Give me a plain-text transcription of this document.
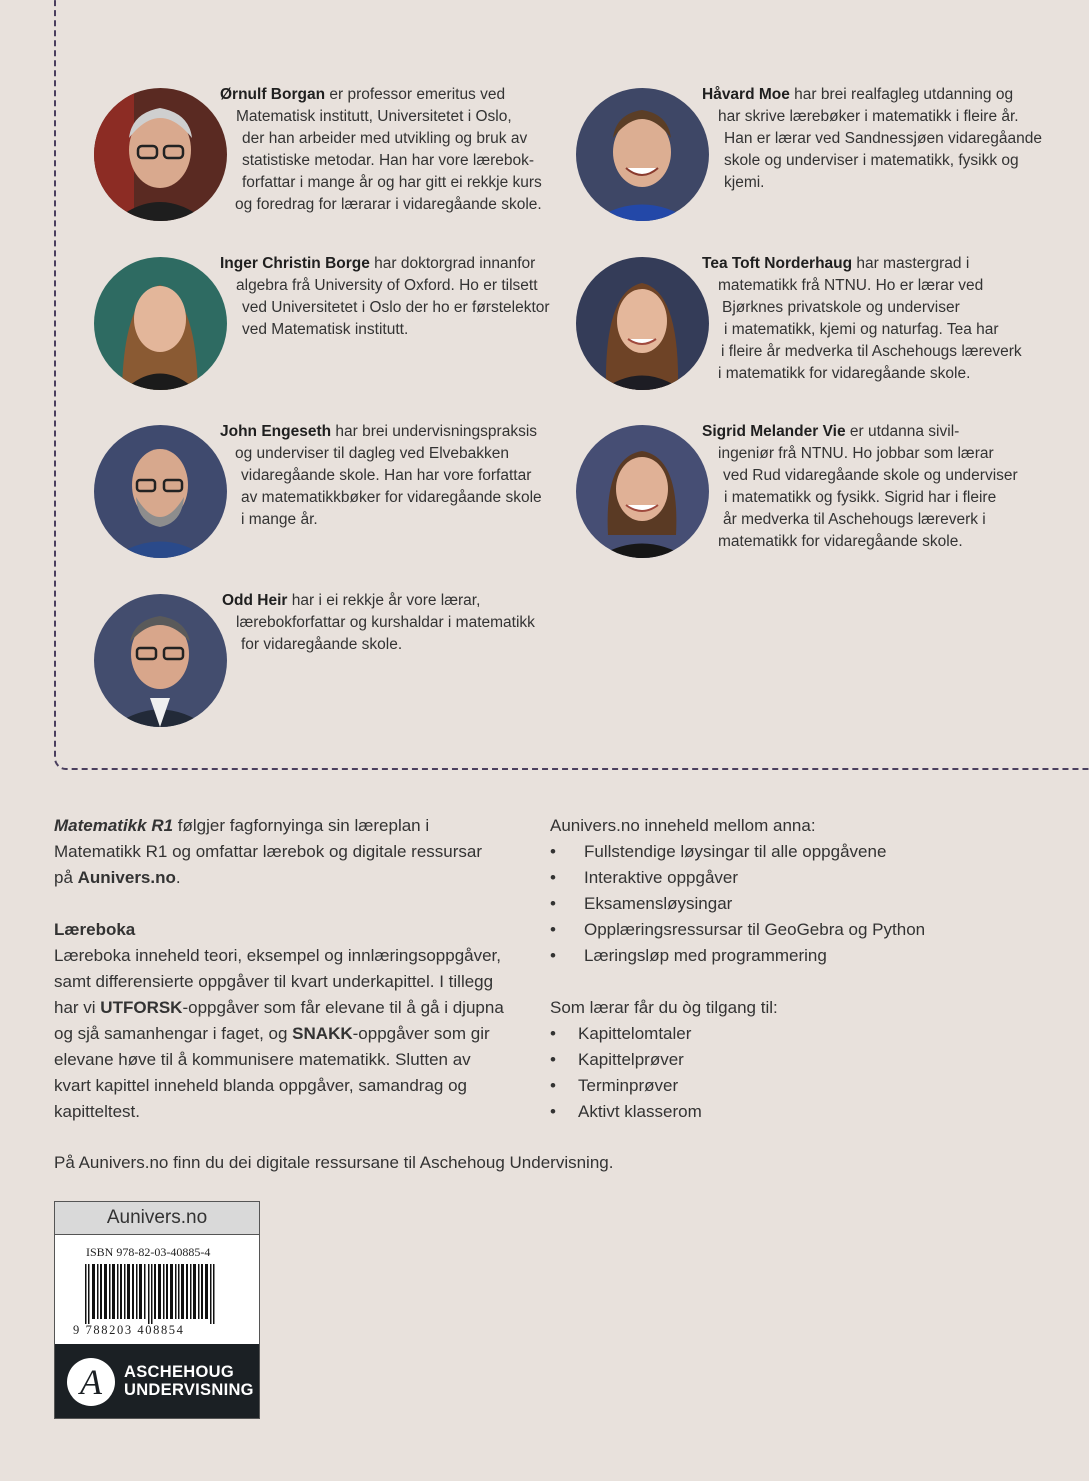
Ørnulf Borgan er professor emeritus ved
Matematisk institutt, Universitetet i Oslo,
der han arbeider med utvikling og bruk av
statistiske metodar. Han har vore lærebok-
forfattar i mange år og har gitt ei rekkje kurs
og foredrag for lærarar i vidaregåande skole.
Inger Christin Borge har doktorgrad innanfor
algebra frå University of Oxford. Ho er tilsett
ved Universitetet i Oslo der ho er førstelektor
ved Matematisk institutt.
John Engeseth har brei undervisningspraksis
og underviser til dagleg ved Elvebakken
vidaregåande skole. Han har vore forfattar
av matematikkbøker for vidaregåande skole
i mange år.
Odd Heir har i ei rekkje år vore lærar,
lærebokforfattar og kurshaldar i matematikk
for vidaregåande skole.
Håvard Moe har brei realfagleg utdanning og
har skrive lærebøker i matematikk i fleire år.
Han er lærar ved Sandnessjøen vidaregåande
skole og underviser i matematikk, fysikk og
kjemi.
Tea Toft Norderhaug har mastergrad i
matematikk frå NTNU. Ho er lærar ved
Bjørknes privatskole og underviser
i matematikk, kjemi og naturfag. Tea har
i fleire år medverka til Aschehougs læreverk
i matematikk for vidaregåande skole.
Sigrid Melander Vie er utdanna sivil-
ingeniør frå NTNU. Ho jobbar som lærar
ved Rud vidaregåande skole og underviser
i matematikk og fysikk. Sigrid har i fleire
år medverka til Aschehougs læreverk i
matematikk for vidaregåande skole.

Matematikk R1 følgjer fagfornyinga sin læreplan i

Matematikk R1 og omfattar lærebok og digitale ressursar

på Aunivers.no.

Læreboka

Læreboka inneheld teori, eksempel og innlæringsoppgåver,

samt differensierte oppgåver til kvart underkapittel. I tillegg

har vi UTFORSK-oppgåver som får elevane til å gå i djupna

og sjå samanhengar i faget, og SNAKK-oppgåver som gir

elevane høve til å kommunisere matematikk. Slutten av

kvart kapittel inneheld blanda oppgåver, samandrag og

kapitteltest.

Aunivers.no inneheld mellom anna:

• Fullstendige løysingar til alle oppgåvene
• Interaktive oppgåver
• Eksamensløysingar
• Opplæringsressursar til GeoGebra og Python
• Læringsløp med programmering

Som lærar får du òg tilgang til:

• Kapittelomtaler
• Kapittelprøver
• Terminprøver
• Aktivt klasserom

På Aunivers.no finn du dei digitale ressursane til Aschehoug Undervisning.

Aunivers.no
ISBN 978-82-03-40885-4
9 788203 408854
A	ASCHEHOUG
UNDERVISNING
